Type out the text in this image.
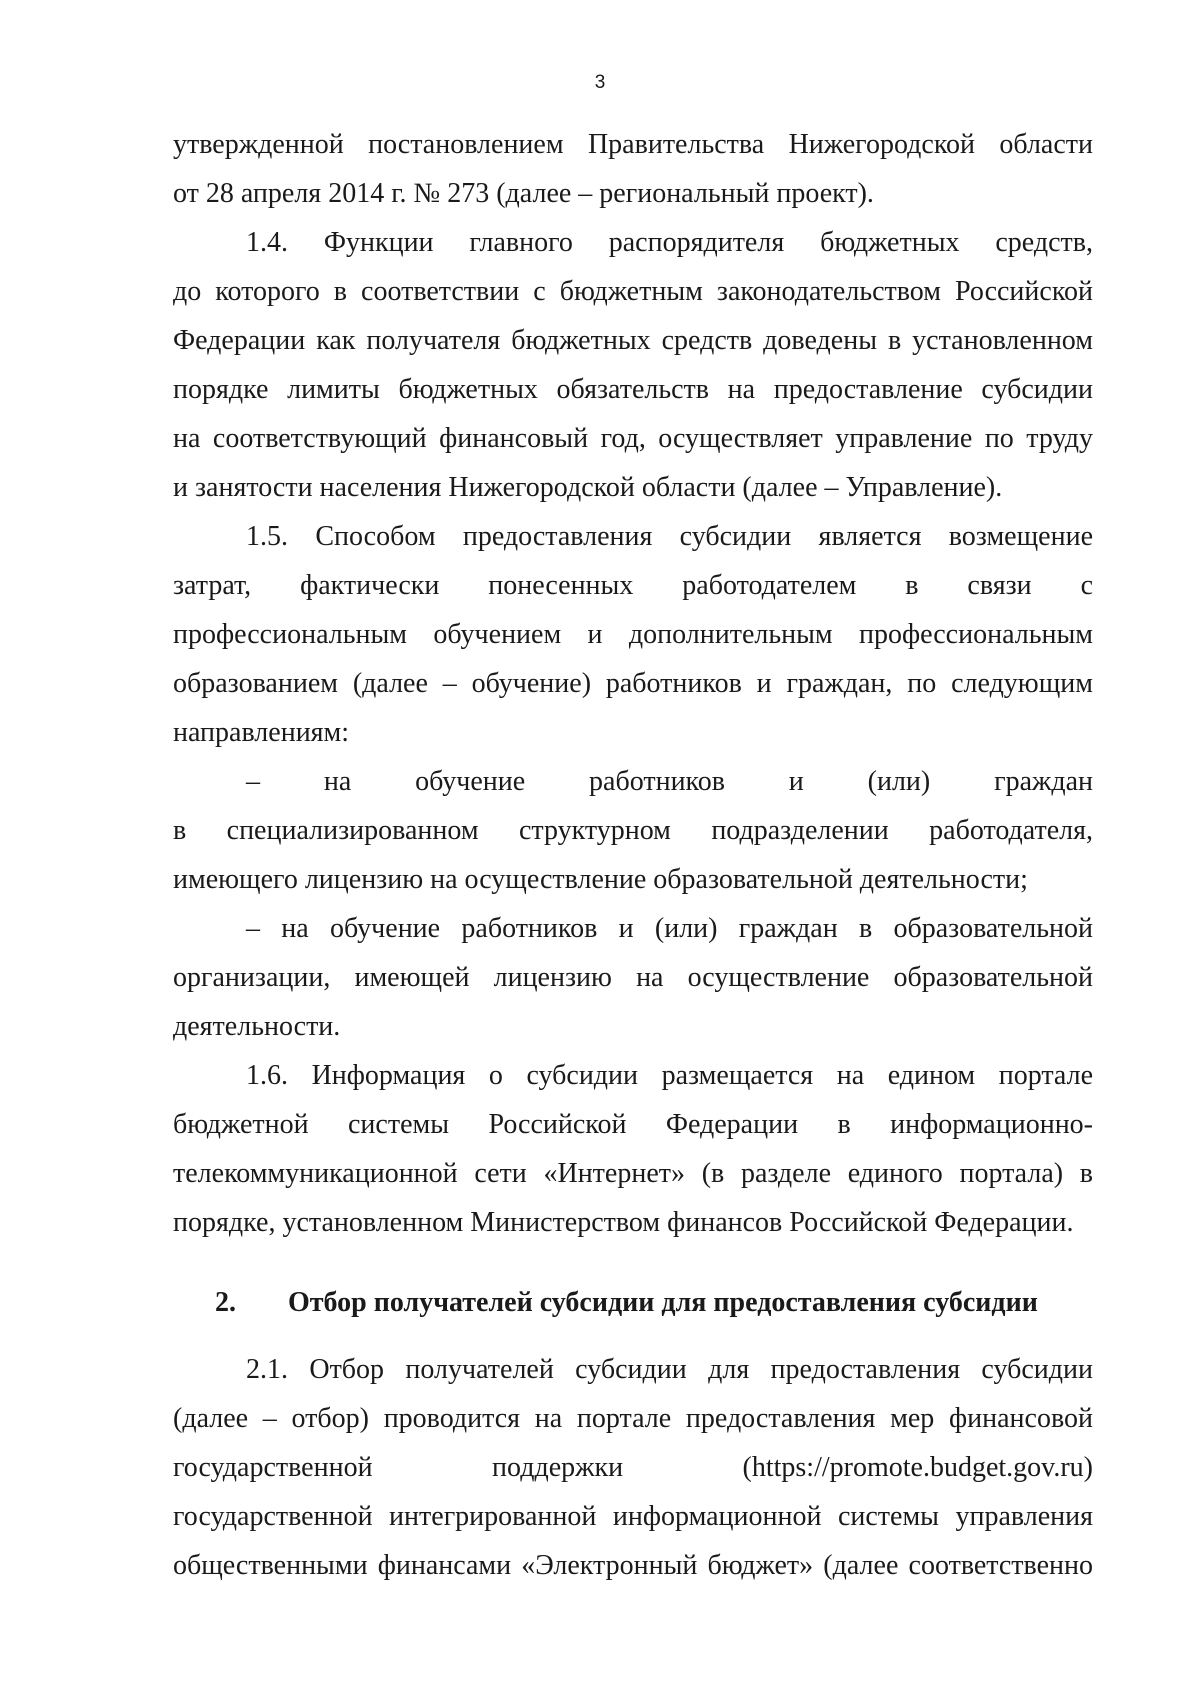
3
утвержденной постановлением Правительства Нижегородской области
от 28 апреля 2014 г. № 273 (далее – региональный проект).
1.4. Функции главного распорядителя бюджетных средств,
до которого в соответствии с бюджетным законодательством Российской
Федерации как получателя бюджетных средств доведены в установленном
порядке лимиты бюджетных обязательств на предоставление субсидии
на соответствующий финансовый год, осуществляет управление по труду
и занятости населения Нижегородской области (далее – Управление).
1.5. Способом предоставления субсидии является возмещение
затрат, фактически понесенных работодателем в связи с
профессиональным обучением и дополнительным профессиональным
образованием (далее – обучение) работников и граждан, по следующим
направлениям:
– на обучение работников и (или) граждан
в специализированном структурном подразделении работодателя,
имеющего лицензию на осуществление образовательной деятельности;
– на обучение работников и (или) граждан в образовательной
организации, имеющей лицензию на осуществление образовательной
деятельности.
1.6. Информация о субсидии размещается на едином портале
бюджетной системы Российской Федерации в информационно-
телекоммуникационной сети «Интернет» (в разделе единого портала) в
порядке, установленном Министерством финансов Российской Федерации.
2. Отбор получателей субсидии для предоставления субсидии
2.1. Отбор получателей субсидии для предоставления субсидии
(далее – отбор) проводится на портале предоставления мер финансовой
государственной поддержки (https://promote.budget.gov.ru)
государственной интегрированной информационной системы управления
общественными финансами «Электронный бюджет» (далее соответственно
